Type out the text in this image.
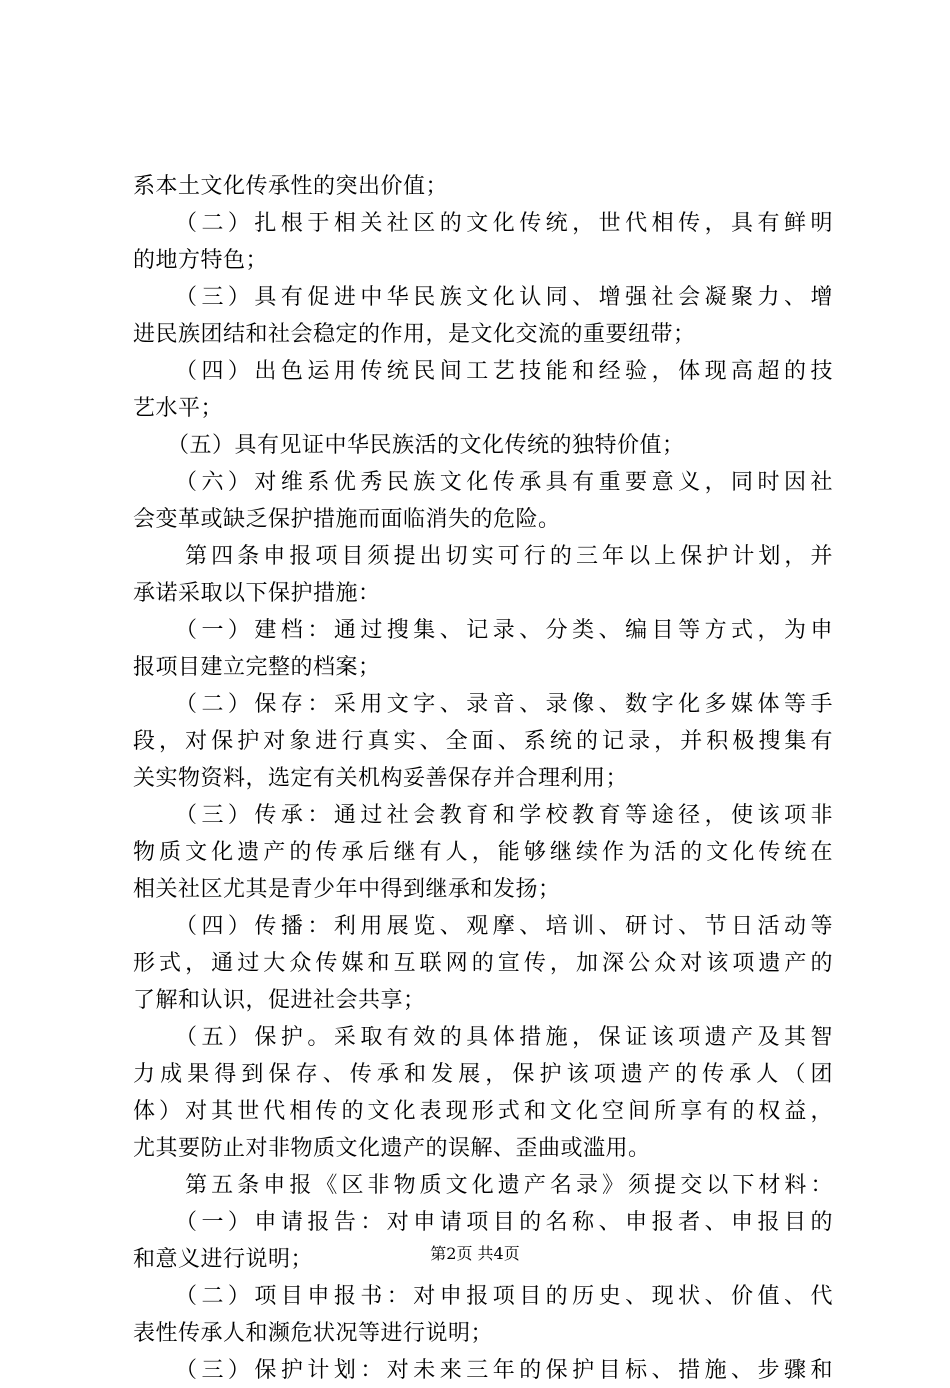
系本土文化传承性的突出价值；
　　（二）扎根于相关社区的文化传统，世代相传，具有鲜明
的地方特色；
　　（三）具有促进中华民族文化认同、增强社会凝聚力、增
进民族团结和社会稳定的作用，是文化交流的重要纽带；
　　（四）出色运用传统民间工艺技能和经验，体现高超的技
艺水平；
　　（五）具有见证中华民族活的文化传统的独特价值；
　　（六）对维系优秀民族文化传承具有重要意义，同时因社
会变革或缺乏保护措施而面临消失的危险。
　　第四条申报项目须提出切实可行的三年以上保护计划，并
承诺采取以下保护措施：
　　（一）建档：通过搜集、记录、分类、编目等方式，为申
报项目建立完整的档案；
　　（二）保存：采用文字、录音、录像、数字化多媒体等手
段，对保护对象进行真实、全面、系统的记录，并积极搜集有
关实物资料，选定有关机构妥善保存并合理利用；
　　（三）传承：通过社会教育和学校教育等途径，使该项非
物质文化遗产的传承后继有人，能够继续作为活的文化传统在
相关社区尤其是青少年中得到继承和发扬；
　　（四）传播：利用展览、观摩、培训、研讨、节日活动等
形式，通过大众传媒和互联网的宣传，加深公众对该项遗产的
了解和认识，促进社会共享；
　　（五）保护。采取有效的具体措施，保证该项遗产及其智
力成果得到保存、传承和发展，保护该项遗产的传承人（团
体）对其世代相传的文化表现形式和文化空间所享有的权益，
尤其要防止对非物质文化遗产的误解、歪曲或滥用。
　　第五条申报《区非物质文化遗产名录》须提交以下材料：
　　（一）申请报告：对申请项目的名称、申报者、申报目的
和意义进行说明；
　　（二）项目申报书：对申报项目的历史、现状、价值、代
表性传承人和濒危状况等进行说明；
　　（三）保护计划：对未来三年的保护目标、措施、步骤和
第2页 共4页
